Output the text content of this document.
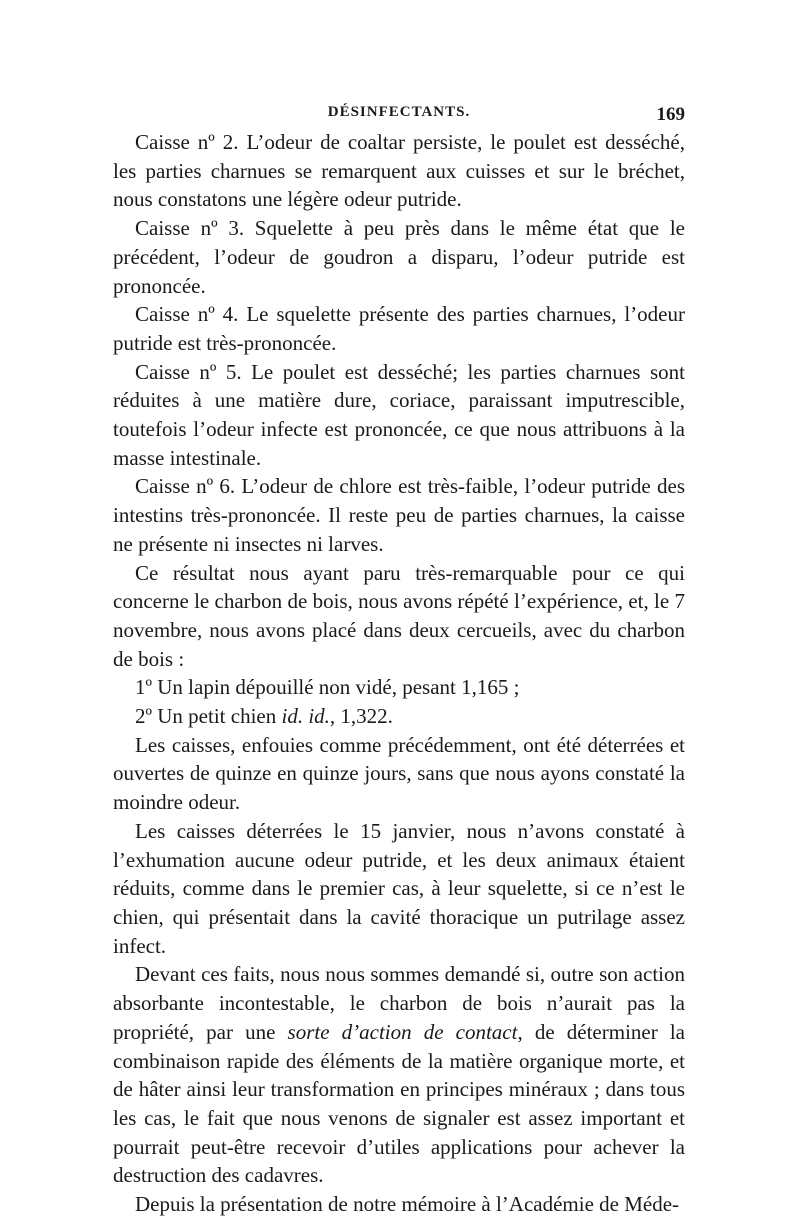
DÉSINFECTANTS.	169

Caisse nº 2. L’odeur de coaltar persiste, le poulet est desséché, les parties charnues se remarquent aux cuisses et sur le bréchet, nous constatons une légère odeur putride.

Caisse nº 3. Squelette à peu près dans le même état que le précédent, l’odeur de goudron a disparu, l’odeur putride est prononcée.

Caisse nº 4. Le squelette présente des parties charnues, l’odeur putride est très-prononcée.

Caisse nº 5. Le poulet est desséché; les parties charnues sont réduites à une matière dure, coriace, paraissant imputrescible, toutefois l’odeur infecte est prononcée, ce que nous attribuons à la masse intestinale.

Caisse nº 6. L’odeur de chlore est très-faible, l’odeur putride des intestins très-prononcée. Il reste peu de parties charnues, la caisse ne présente ni insectes ni larves.

Ce résultat nous ayant paru très-remarquable pour ce qui concerne le charbon de bois, nous avons répété l’expérience, et, le 7 novembre, nous avons placé dans deux cercueils, avec du charbon de bois :

1º Un lapin dépouillé non vidé, pesant 1,165 ;

2º Un petit chien id. id., 1,322.

Les caisses, enfouies comme précédemment, ont été déterrées et ouvertes de quinze en quinze jours, sans que nous ayons constaté la moindre odeur.

Les caisses déterrées le 15 janvier, nous n’avons constaté à l’exhumation aucune odeur putride, et les deux animaux étaient réduits, comme dans le premier cas, à leur squelette, si ce n’est le chien, qui présentait dans la cavité thoracique un putrilage assez infect.

Devant ces faits, nous nous sommes demandé si, outre son action absorbante incontestable, le charbon de bois n’aurait pas la propriété, par une sorte d’action de contact, de déterminer la combinaison rapide des éléments de la matière organique morte, et de hâter ainsi leur transformation en principes minéraux ; dans tous les cas, le fait que nous venons de signaler est assez important et pourrait peut-être recevoir d’utiles applications pour achever la destruction des cadavres.

Depuis la présentation de notre mémoire à l’Académie de Méde-
